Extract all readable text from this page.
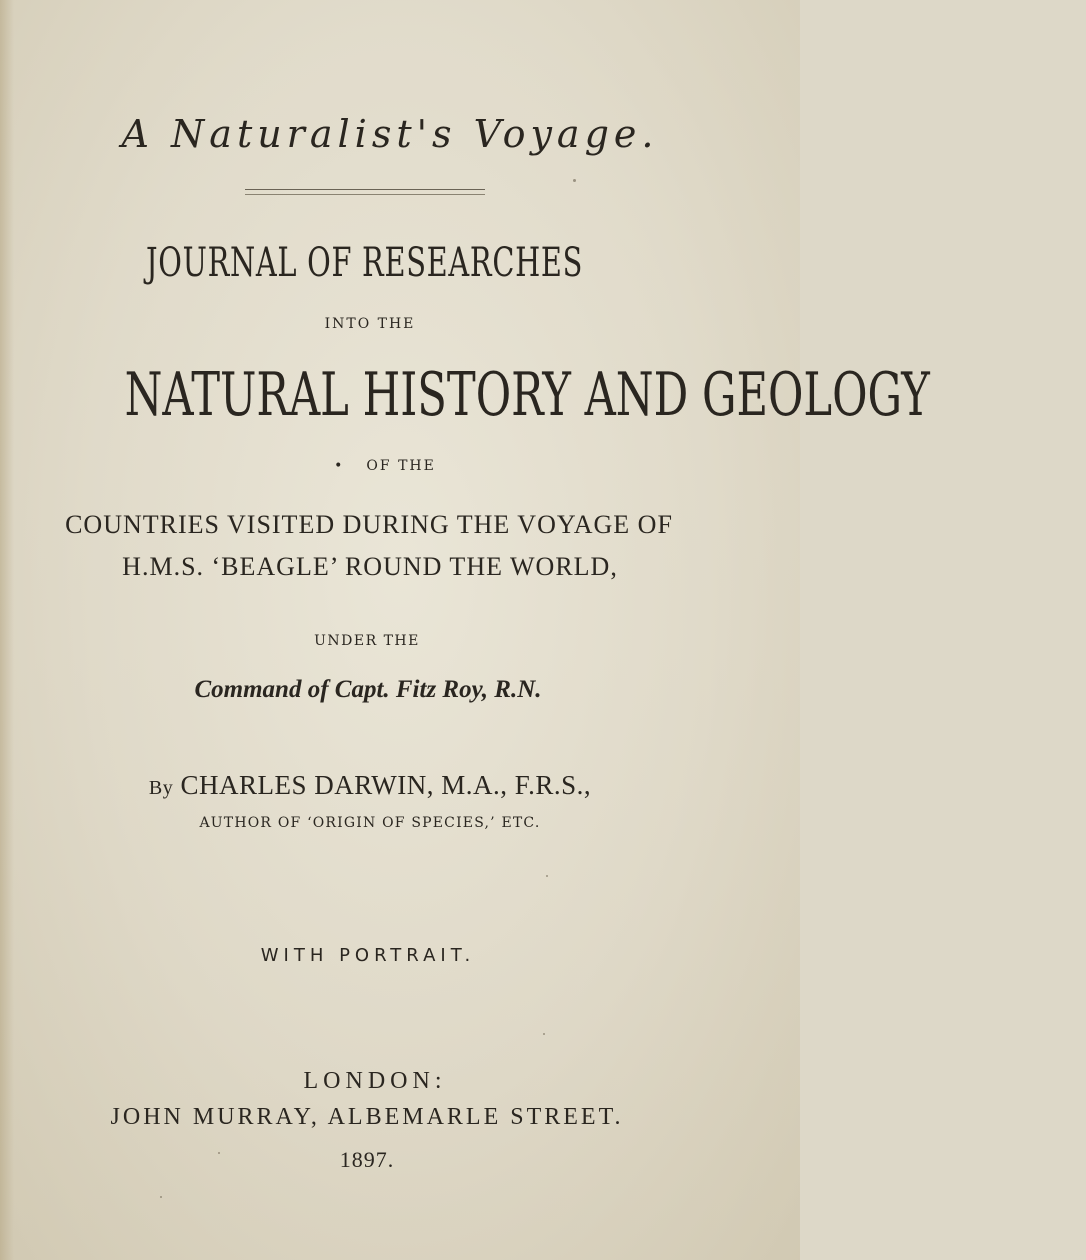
A Naturalist's Voyage.

JOURNAL OF RESEARCHES

INTO THE

NATURAL HISTORY AND GEOLOGY

• OF THE

COUNTRIES VISITED DURING THE VOYAGE OF

H.M.S. ‘BEAGLE’ ROUND THE WORLD,

UNDER THE

Command of Capt. Fitz Roy, R.N.

By CHARLES DARWIN, M.A., F.R.S.,

AUTHOR OF ‘ORIGIN OF SPECIES,’ ETC.

WITH PORTRAIT.

LONDON:

JOHN MURRAY, ALBEMARLE STREET.

1897.
